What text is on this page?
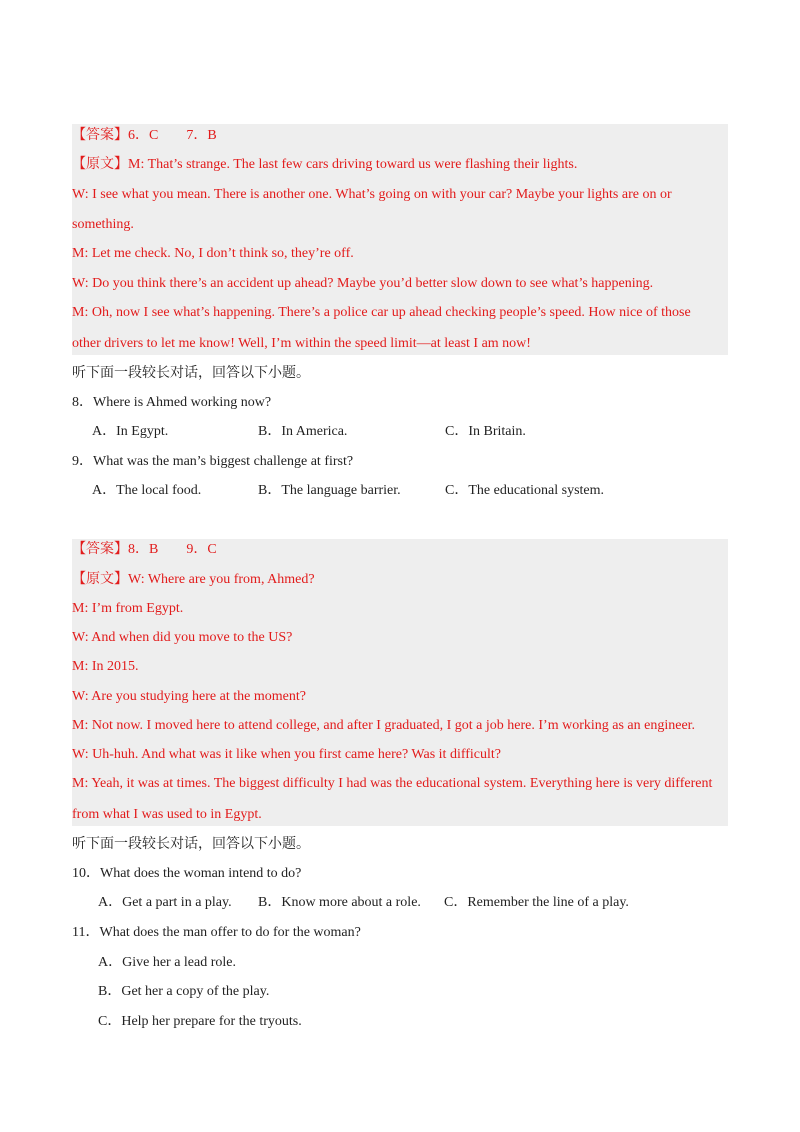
【答案】6．C　　7．B
【原文】M: That’s strange. The last few cars driving toward us were flashing their lights.
W: I see what you mean. There is another one. What’s going on with your car? Maybe your lights are on or
something.
M: Let me check. No, I don’t think so, they’re off.
W: Do you think there’s an accident up ahead? Maybe you’d better slow down to see what’s happening.
M: Oh, now I see what’s happening. There’s a police car up ahead checking people’s speed. How nice of those
other drivers to let me know! Well, I’m within the speed limit—at least I am now!
听下面一段较长对话，回答以下小题。
8．Where is Ahmed working now?
A．In Egypt.	B．In America.	C．In Britain.
9．What was the man’s biggest challenge at first?
A．The local food.	B．The language barrier.	C．The educational system.
【答案】8．B　　9．C
【原文】W: Where are you from, Ahmed?
M: I’m from Egypt.
W: And when did you move to the US?
M: In 2015.
W: Are you studying here at the moment?
M: Not now. I moved here to attend college, and after I graduated, I got a job here. I’m working as an engineer.
W: Uh-huh. And what was it like when you first came here? Was it difficult?
M: Yeah, it was at times. The biggest difficulty I had was the educational system. Everything here is very different
from what I was used to in Egypt.
听下面一段较长对话，回答以下小题。
10．What does the woman intend to do?
A．Get a part in a play. B．Know more about a role. C．Remember the line of a play.
11．What does the man offer to do for the woman?
A．Give her a lead role.
B．Get her a copy of the play.
C．Help her prepare for the tryouts.
